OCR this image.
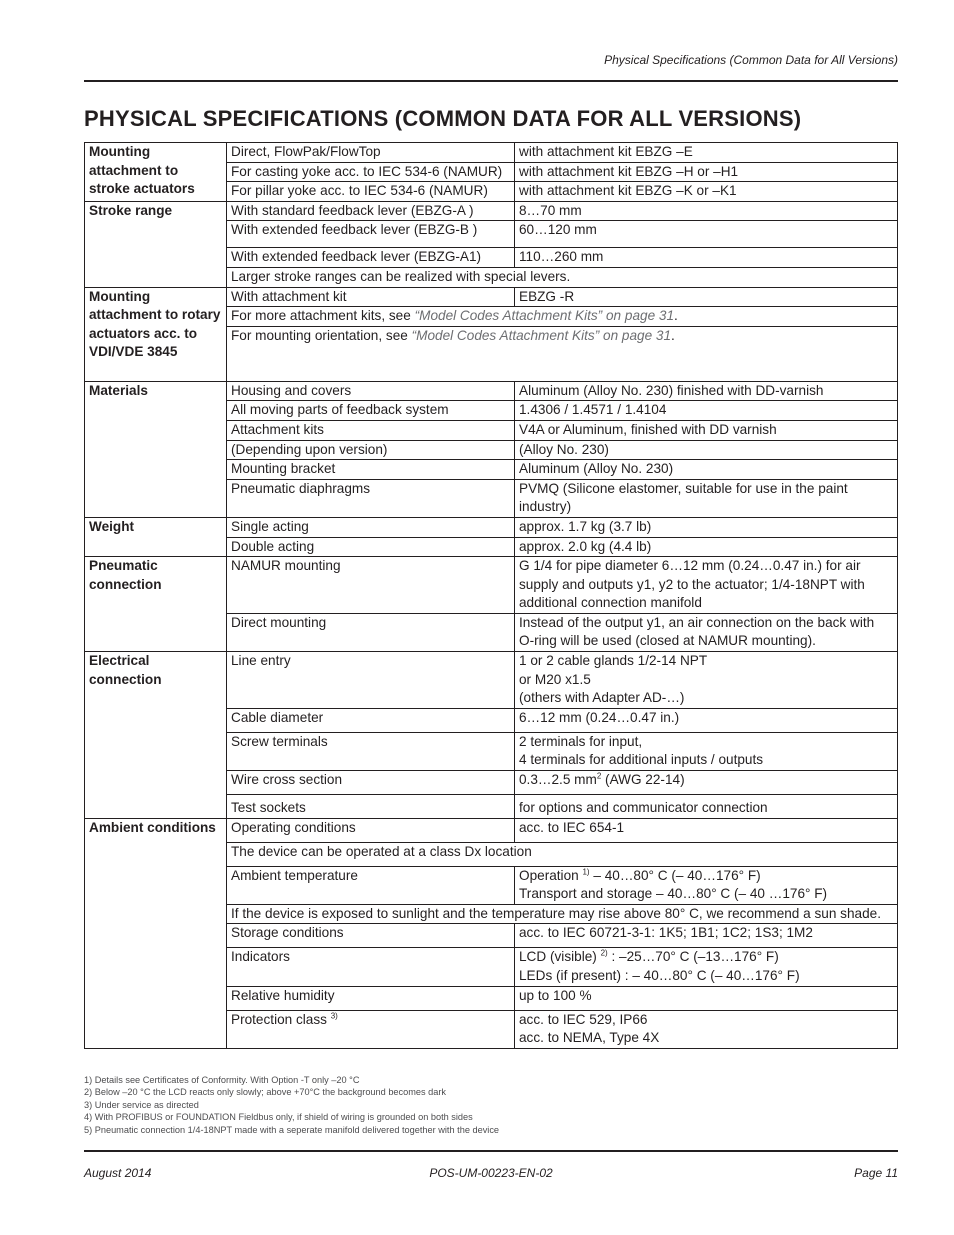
Physical Specifications (Common Data for All Versions)
PHYSICAL SPECIFICATIONS (COMMON DATA FOR ALL VERSIONS)
Mounting attachment to stroke actuators	Direct, FlowPak/FlowTop	with attachment kit EBZG –E
	For casting yoke acc. to IEC 534-6 (NAMUR)	with attachment kit EBZG –H or –H1
	For pillar yoke acc. to IEC 534-6 (NAMUR)	with attachment kit EBZG –K or –K1
Stroke range	With standard feedback lever (EBZG-A )	8…70 mm
	With extended feedback lever (EBZG-B )	60…120 mm
	With extended feedback lever (EBZG-A1)	110…260 mm
	Larger stroke ranges can be realized with special levers.	
Mounting attachment to rotary actuators acc. to VDI/VDE 3845	With attachment kit	EBZG -R
	For more attachment kits, see “Model Codes Attachment Kits” on page 31.	
	For mounting orientation, see “Model Codes Attachment Kits” on page 31.	
Materials	Housing and covers	Aluminum (Alloy No. 230) finished with DD-varnish
	All moving parts of feedback system	1.4306 / 1.4571 / 1.4104
	Attachment kits	V4A or Aluminum, finished with DD varnish
	(Depending upon version)	(Alloy No. 230)
	Mounting bracket	Aluminum (Alloy No. 230)
	Pneumatic diaphragms	PVMQ (Silicone elastomer, suitable for use in the paint industry)
Weight	Single acting	approx. 1.7 kg (3.7 lb)
	Double acting	approx. 2.0 kg (4.4 lb)
Pneumatic connection	NAMUR mounting	G 1/4 for pipe diameter 6…12 mm (0.24…0.47 in.) for air supply and outputs y1, y2 to the actuator; 1/4-18NPT with additional connection manifold
	Direct mounting	Instead of the output y1, an air connection on the back with O-ring will be used (closed at NAMUR mounting).
Electrical connection	Line entry	1 or 2 cable glands 1/2-14 NPT
or M20 x1.5
(others with Adapter AD-…)

	Cable diameter	6…12 mm (0.24…0.47 in.)
	Screw terminals	2 terminals for input,
4 terminals for additional inputs / outputs

	Wire cross section	0.3…2.5 $mm^2$ (AWG 22-14)
	Test sockets	for options and communicator connection
Ambient conditions	Operating conditions	acc. to IEC 654-1
	The device can be operated at a class Dx location	
	Ambient temperature	Operation $^{1)}$ – 40…80° C (– 40…176° F)
Transport and storage – 40…80° C (– 40 …176° F)

	If the device is exposed to sunlight and the temperature may rise above 80° C, we recommend a sun shade.	
	Storage conditions	acc. to IEC 60721-3-1: 1K5; 1B1; 1C2; 1S3; 1M2
	Indicators	LCD (visible) $^{2)}$ : –25…70° C (–13…176° F)
LEDs (if present) : – 40…80° C (– 40…176° F)

	Relative humidity	up to 100 %
	Protection class $^{3)}$	acc. to IEC 529, IP66
acc. to NEMA, Type 4X
1) Details see Certificates of Conformity. With Option -T only –20 °C
2) Below –20 °C the LCD reacts only slowly; above +70°C the background becomes dark
3) Under service as directed
4) With PROFIBUS or FOUNDATION Fieldbus only, if shield of wiring is grounded on both sides
5) Pneumatic connection 1/4-18NPT made with a seperate manifold delivered together with the device
August 2014	POS-UM-00223-EN-02	Page 11
